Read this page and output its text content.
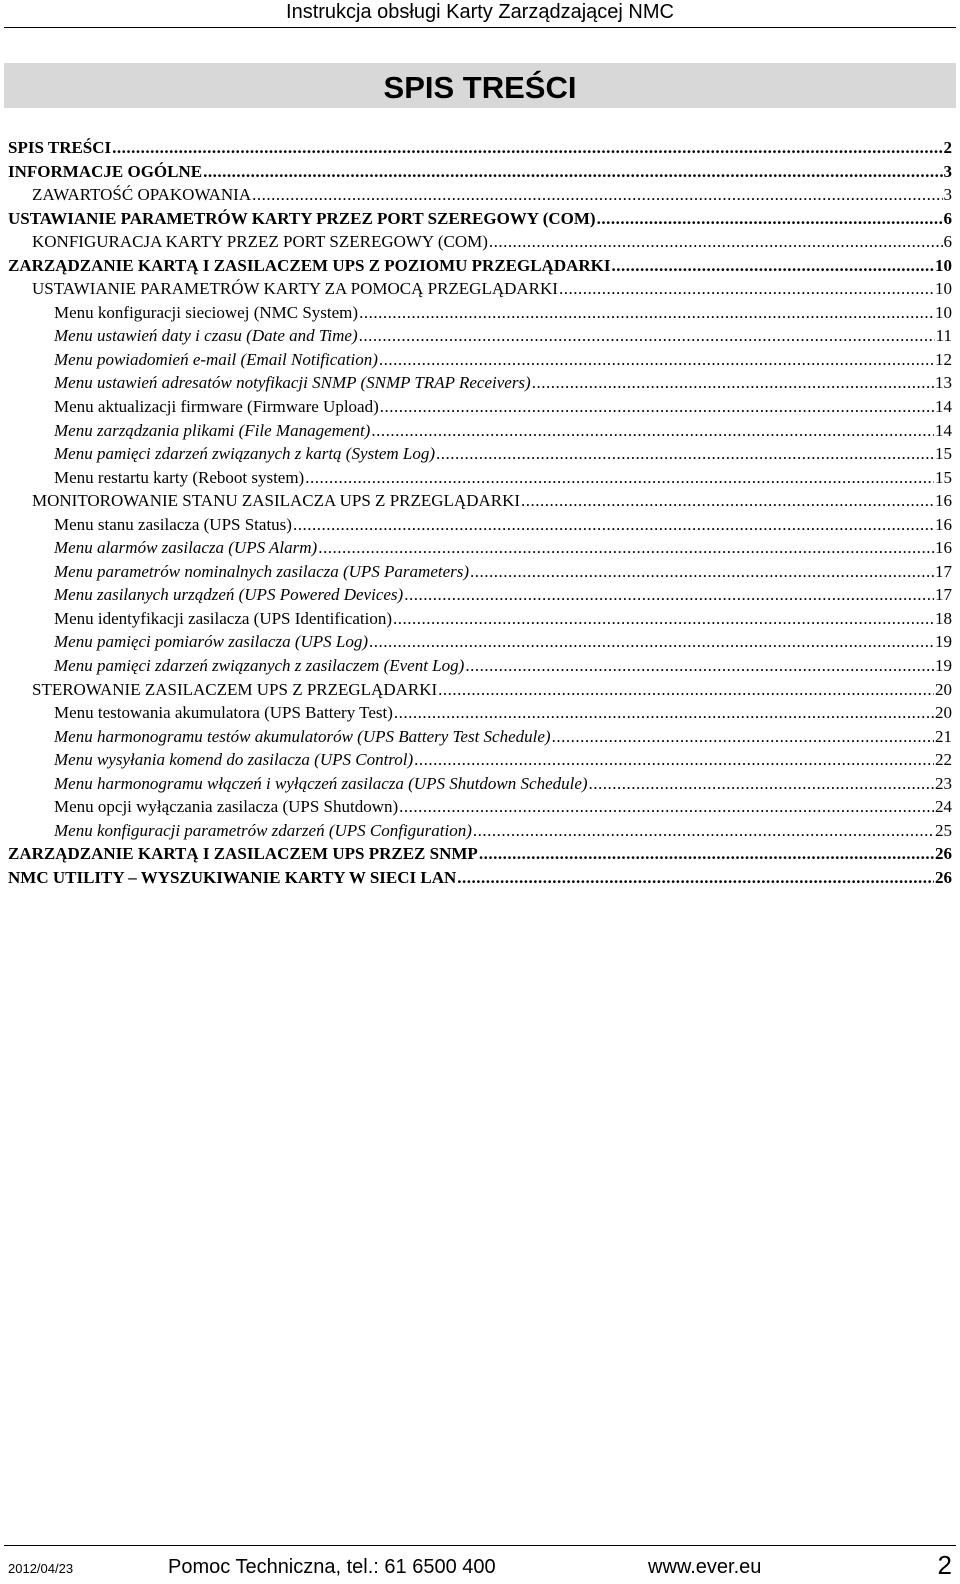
Instrukcja obsługi Karty Zarządzającej NMC
SPIS TREŚCI
SPIS TREŚCI .....	2
INFORMACJE OGÓLNE .....	3
ZAWARTOŚĆ OPAKOWANIA .....	3
USTAWIANIE PARAMETRÓW KARTY PRZEZ PORT SZEREGOWY (COM) .....	6
KONFIGURACJA KARTY PRZEZ PORT SZEREGOWY (COM) .....	6
ZARZĄDZANIE KARTĄ I ZASILACZEM UPS Z POZIOMU PRZEGLĄDARKI .....	10
USTAWIANIE PARAMETRÓW KARTY ZA POMOCĄ PRZEGLĄDARKI .....	10
Menu konfiguracji sieciowej (NMC System) .....	10
Menu ustawień daty i czasu (Date and Time) .....	11
Menu powiadomień e-mail (Email Notification) .....	12
Menu ustawień adresatów notyfikacji SNMP (SNMP TRAP Receivers) .....	13
Menu aktualizacji firmware (Firmware Upload) .....	14
Menu zarządzania plikami (File Management) .....	14
Menu pamięci zdarzeń związanych z kartą (System Log) .....	15
Menu restartu karty (Reboot system) .....	15
MONITOROWANIE STANU ZASILACZA UPS Z PRZEGLĄDARKI .....	16
Menu stanu zasilacza (UPS Status) .....	16
Menu alarmów zasilacza (UPS Alarm) .....	16
Menu parametrów nominalnych zasilacza (UPS Parameters) .....	17
Menu zasilanych urządzeń (UPS Powered Devices) .....	17
Menu identyfikacji zasilacza (UPS Identification) .....	18
Menu pamięci pomiarów zasilacza (UPS Log) .....	19
Menu pamięci zdarzeń związanych z zasilaczem (Event Log) .....	19
STEROWANIE ZASILACZEM UPS Z PRZEGLĄDARKI .....	20
Menu testowania akumulatora (UPS Battery Test) .....	20
Menu harmonogramu testów akumulatorów (UPS Battery Test Schedule) .....	21
Menu wysyłania komend do zasilacza (UPS Control) .....	22
Menu harmonogramu włączeń i wyłączeń zasilacza (UPS Shutdown Schedule) .....	23
Menu opcji wyłączania zasilacza (UPS Shutdown) .....	24
Menu konfiguracji parametrów zdarzeń (UPS Configuration) .....	25
ZARZĄDZANIE KARTĄ I ZASILACZEM UPS PRZEZ SNMP .....	26
NMC UTILITY – WYSZUKIWANIE KARTY W SIECI LAN .....	26
2012/04/23	Pomoc Techniczna, tel.: 61 6500 400	www.ever.eu	2
